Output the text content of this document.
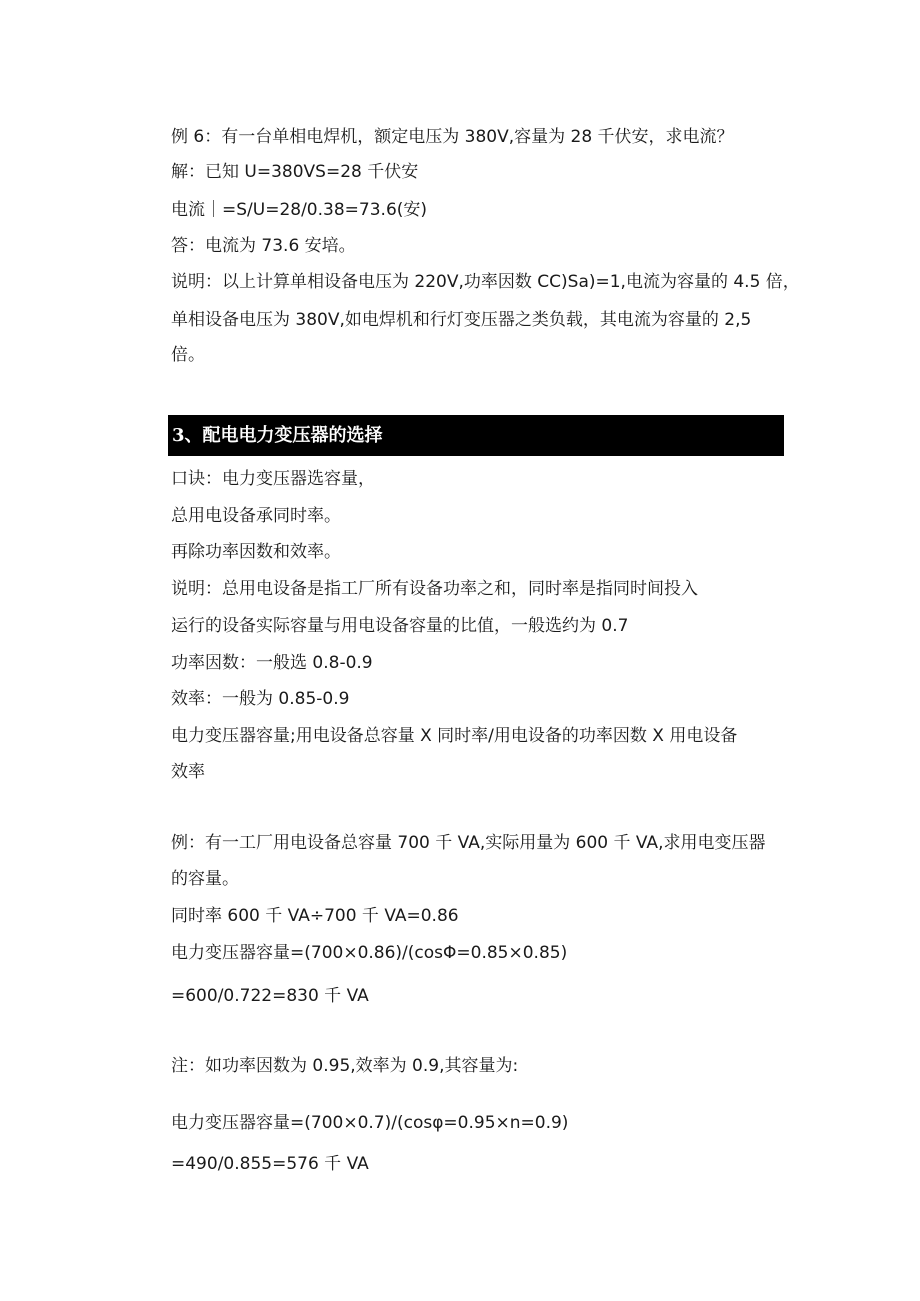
例 6：有一台单相电焊机，额定电压为 380V,容量为 28 千伏安，求电流？
解：已知 U=380VS=28 千伏安
电流｜=S/U=28/0.38=73.6(安)
答：电流为 73.6 安培。
说明：以上计算单相设备电压为 220V,功率因数 CC)Sa)=1,电流为容量的 4.5 倍，
单相设备电压为 380V,如电焊机和行灯变压器之类负载，其电流为容量的 2,5
倍。
3、配电电力变压器的选择
口诀：电力变压器选容量，
总用电设备承同时率。
再除功率因数和效率。
说明：总用电设备是指工厂所有设备功率之和，同时率是指同时间投入
运行的设备实际容量与用电设备容量的比值，一般选约为 0.7
功率因数：一般选 0.8-0.9
效率：一般为 0.85-0.9
电力变压器容量;用电设备总容量 X 同时率/用电设备的功率因数 X 用电设备
效率
例：有一工厂用电设备总容量 700 千 VA,实际用量为 600 千 VA,求用电变压器
的容量。
同时率 600 千 VA÷700 千 VA=0.86
电力变压器容量=(700×0.86)/(cosΦ=0.85×0.85)
=600/0.722=830 千 VA
注：如功率因数为 0.95,效率为 0.9,其容量为:
电力变压器容量=(700×0.7)/(cosφ=0.95×n=0.9)
=490/0.855=576 千 VA
